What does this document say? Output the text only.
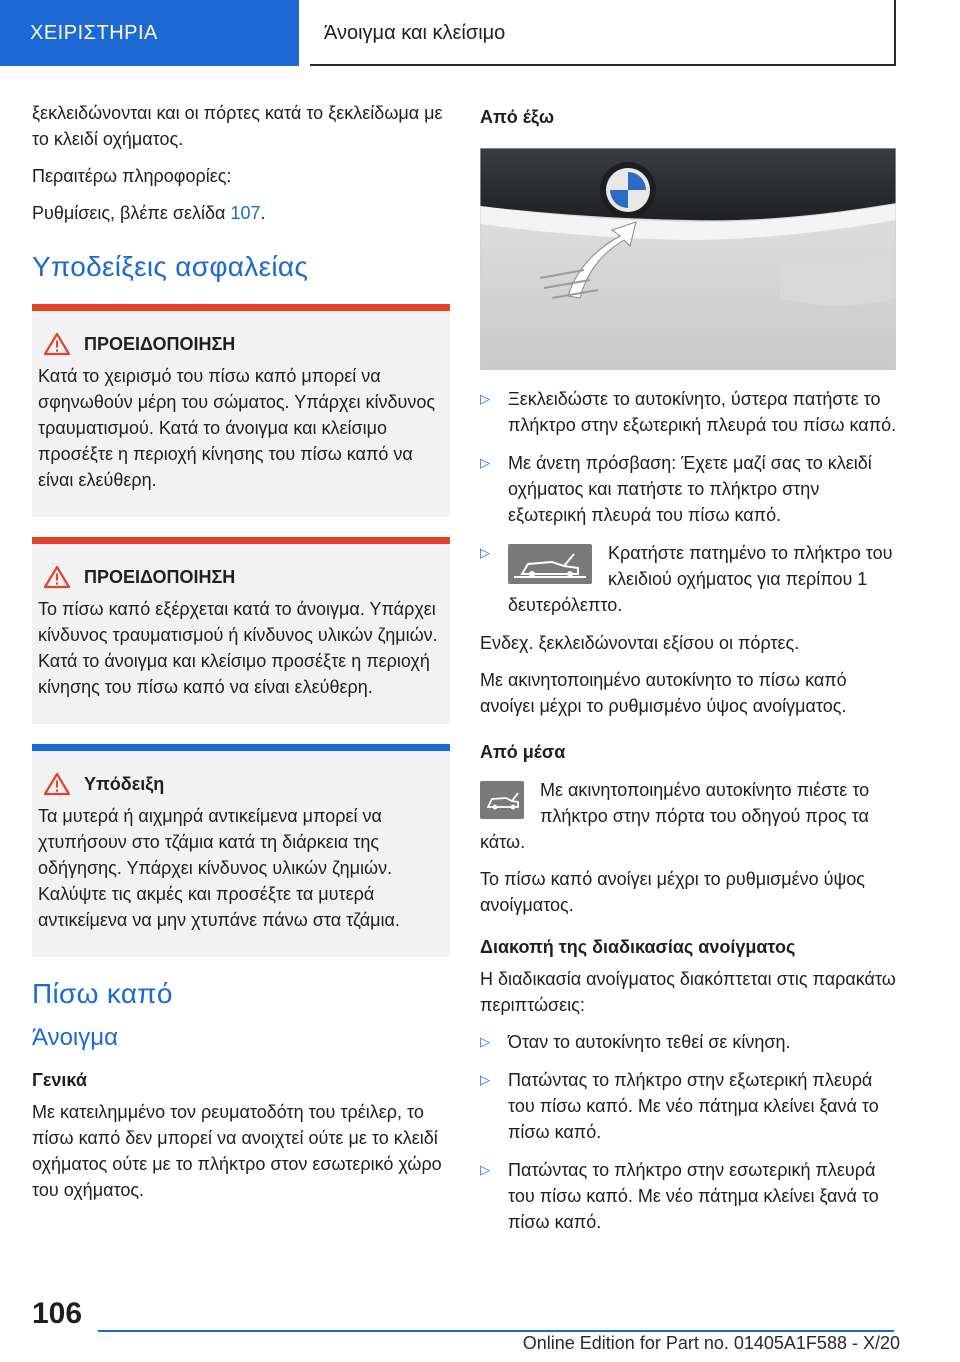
ΧΕΙΡΙΣΤΗΡΙΑ	Άνοιγμα και κλείσιμο

ξεκλειδώνονται και οι πόρτες κατά το ξεκλείδωμα με το κλειδί οχήματος.

Περαιτέρω πληροφορίες:

Ρυθμίσεις, βλέπε σελίδα 107.

Υποδείξεις ασφαλείας
ΠΡΟΕΙΔΟΠΟΙΗΣΗ
Κατά το χειρισμό του πίσω καπό μπορεί να σφηνωθούν μέρη του σώματος. Υπάρχει κίνδυνος τραυματισμού. Κατά το άνοιγμα και κλείσιμο προσέξτε η περιοχή κίνησης του πίσω καπό να είναι ελεύθερη.
ΠΡΟΕΙΔΟΠΟΙΗΣΗ
Το πίσω καπό εξέρχεται κατά το άνοιγμα. Υπάρχει κίνδυνος τραυματισμού ή κίνδυνος υλικών ζημιών. Κατά το άνοιγμα και κλείσιμο προσέξτε η περιοχή κίνησης του πίσω καπό να είναι ελεύθερη.
Υπόδειξη
Τα μυτερά ή αιχμηρά αντικείμενα μπορεί να χτυπήσουν στο τζάμια κατά τη διάρκεια της οδήγησης. Υπάρχει κίνδυνος υλικών ζημιών. Καλύψτε τις ακμές και προσέξτε τα μυτερά αντικείμενα να μην χτυπάνε πάνω στα τζάμια.
Πίσω καπό
Άνοιγμα
Γενικά

Με κατειλημμένο τον ρευματοδότη του τρέιλερ, το πίσω καπό δεν μπορεί να ανοιχτεί ούτε με το κλειδί οχήματος ούτε με το πλήκτρο στον εσωτερικό χώρο του οχήματος.

Από έξω
▷ Ξεκλειδώστε το αυτοκίνητο, ύστερα πατήστε το πλήκτρο στην εξωτερική πλευρά του πίσω καπό.
▷ Με άνετη πρόσβαση: Έχετε μαζί σας το κλειδί οχήματος και πατήστε το πλήκτρο στην εξωτερική πλευρά του πίσω καπό.
▷	Κρατήστε πατημένο το πλήκτρο του κλειδιού οχήματος για περίπου 1 δευτερόλεπτο.

Ενδεχ. ξεκλειδώνονται εξίσου οι πόρτες.

Με ακινητοποιημένο αυτοκίνητο το πίσω καπό ανοίγει μέχρι το ρυθμισμένο ύψος ανοίγματος.

Από μέσα

Με ακινητοποιημένο αυτοκίνητο πιέστε το πλήκτρο στην πόρτα του οδηγού προς τα κάτω.

Το πίσω καπό ανοίγει μέχρι το ρυθμισμένο ύψος ανοίγματος.

Διακοπή της διαδικασίας ανοίγματος

Η διαδικασία ανοίγματος διακόπτεται στις παρακάτω περιπτώσεις:

▷ Όταν το αυτοκίνητο τεθεί σε κίνηση.
▷ Πατώντας το πλήκτρο στην εξωτερική πλευρά του πίσω καπό. Με νέο πάτημα κλείνει ξανά το πίσω καπό.
▷ Πατώντας το πλήκτρο στην εσωτερική πλευρά του πίσω καπό. Με νέο πάτημα κλείνει ξανά το πίσω καπό.
106
Online Edition for Part no. 01405A1F588 - X/20
